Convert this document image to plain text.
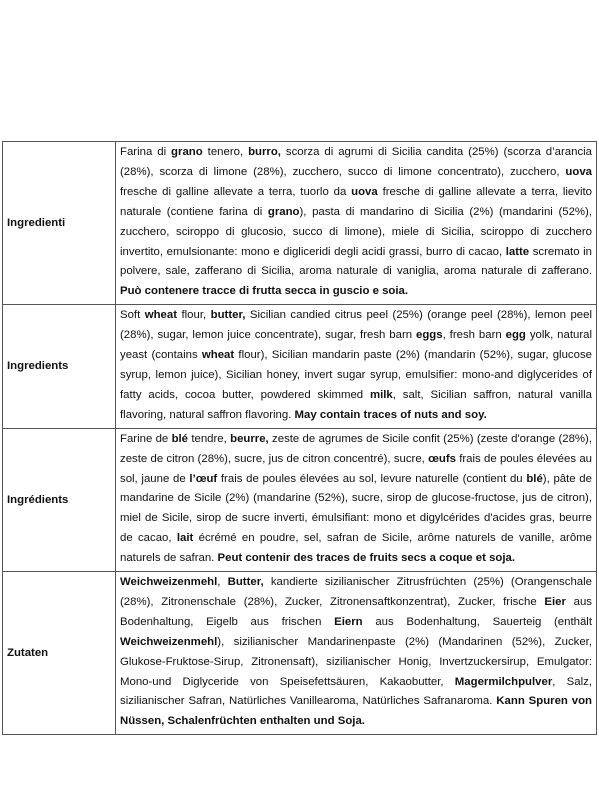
Ingredienti	Farina di grano tenero, burro, scorza di agrumi di Sicilia candita (25%) (scorza d’arancia (28%), scorza di limone (28%), zucchero, succo di limone concentrato), zucchero, uova fresche di galline allevate a terra, tuorlo da uova fresche di galline allevate a terra, lievito naturale (contiene farina di grano), pasta di mandarino di Sicilia (2%) (mandarini (52%), zucchero, sciroppo di glucosio, succo di limone), miele di Sicilia, sciroppo di zucchero invertito, emulsionante: mono e digliceridi degli acidi grassi, burro di cacao, latte scremato in polvere, sale, zafferano di Sicilia, aroma naturale di vaniglia, aroma naturale di zafferano. Può contenere tracce di frutta secca in guscio e soia.
Ingredients	Soft wheat flour, butter, Sicilian candied citrus peel (25%) (orange peel (28%), lemon peel (28%), sugar, lemon juice concentrate), sugar, fresh barn eggs, fresh barn egg yolk, natural yeast (contains wheat flour), Sicilian mandarin paste (2%) (mandarin (52%), sugar, glucose syrup, lemon juice), Sicilian honey, invert sugar syrup, emulsifier: mono-and diglycerides of fatty acids, cocoa butter, powdered skimmed milk, salt, Sicilian saffron, natural vanilla flavoring, natural saffron flavoring. May contain traces of nuts and soy.
Ingrédients	Farine de blé tendre, beurre, zeste de agrumes de Sicile confit (25%) (zeste d'orange (28%), zeste de citron (28%), sucre, jus de citron concentré), sucre, œufs frais de poules élevées au sol, jaune de l’œuf frais de poules élevées au sol, levure naturelle (contient du blé), pâte de mandarine de Sicile (2%) (mandarine (52%), sucre, sirop de glucose-fructose, jus de citron), miel de Sicile, sirop de sucre inverti, émulsifiant: mono et digylcérides d'acides gras, beurre de cacao, lait écrémé en poudre, sel, safran de Sicile, arôme naturels de vanille, arôme naturels de safran. Peut contenir des traces de fruits secs a coque et soja.
Zutaten	Weichweizenmehl, Butter, kandierte sizilianischer Zitrusfrüchten (25%) (Orangenschale (28%), Zitronenschale (28%), Zucker, Zitronensaftkonzentrat), Zucker, frische Eier aus Bodenhaltung, Eigelb aus frischen Eiern aus Bodenhaltung, Sauerteig (enthält Weichweizenmehl), sizilianischer Mandarinenpaste (2%) (Mandarinen (52%), Zucker, Glukose-Fruktose-Sirup, Zitronensaft), sizilianischer Honig, Invertzuckersirup, Emulgator: Mono-und Diglyceride von Speisefettsäuren, Kakaobutter, Magermilchpulver, Salz, sizilianischer Safran, Natürliches Vanillearoma, Natürliches Safranaroma. Kann Spuren von Nüssen, Schalenfrüchten enthalten und Soja.
